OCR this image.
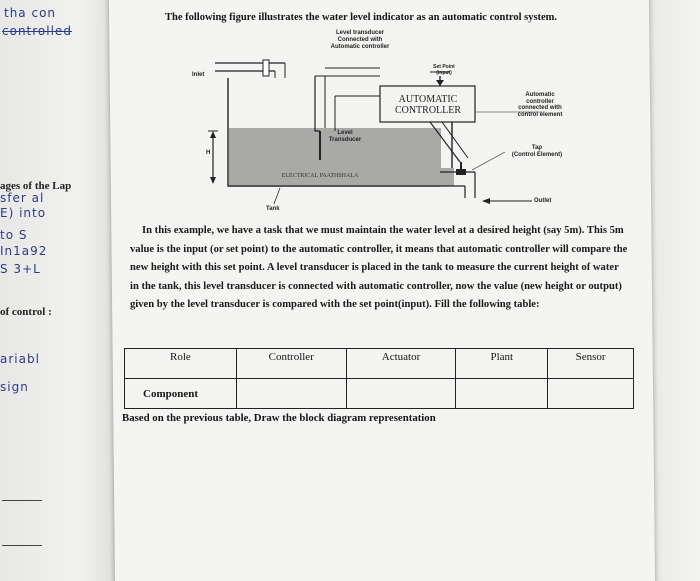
tha con
controlled
ages of the Lap
sfer al
E) into
to S
In1a92
S 3+L
of control :
ariabl
sign
The following figure illustrates the water level indicator as an automatic control system.
Inlet
Level transducer
Connected with
Automatic controller
Set Point
(input)
AUTOMATIC
CONTROLLER
Automatic
controller
connected with
control element
Level
Transducer
Tap
(Control Element)
H
ELECTRICAL PAATHSHALA
Outlet
Tank

In this example, we have a task that we must maintain the water level at a desired height (say 5m). This 5m value is the input (or set point) to the automatic controller, it means that automatic controller will compare the new height with this set point. A level transducer is placed in the tank to measure the current height of water in the tank, this level transducer is connected with automatic controller, now the value (new height or output) given by the level transducer is compared with the set point(input). Fill the following table:

Role	Controller	Actuator	Plant	Sensor

Component				
Based on the previous table, Draw the block diagram representation
